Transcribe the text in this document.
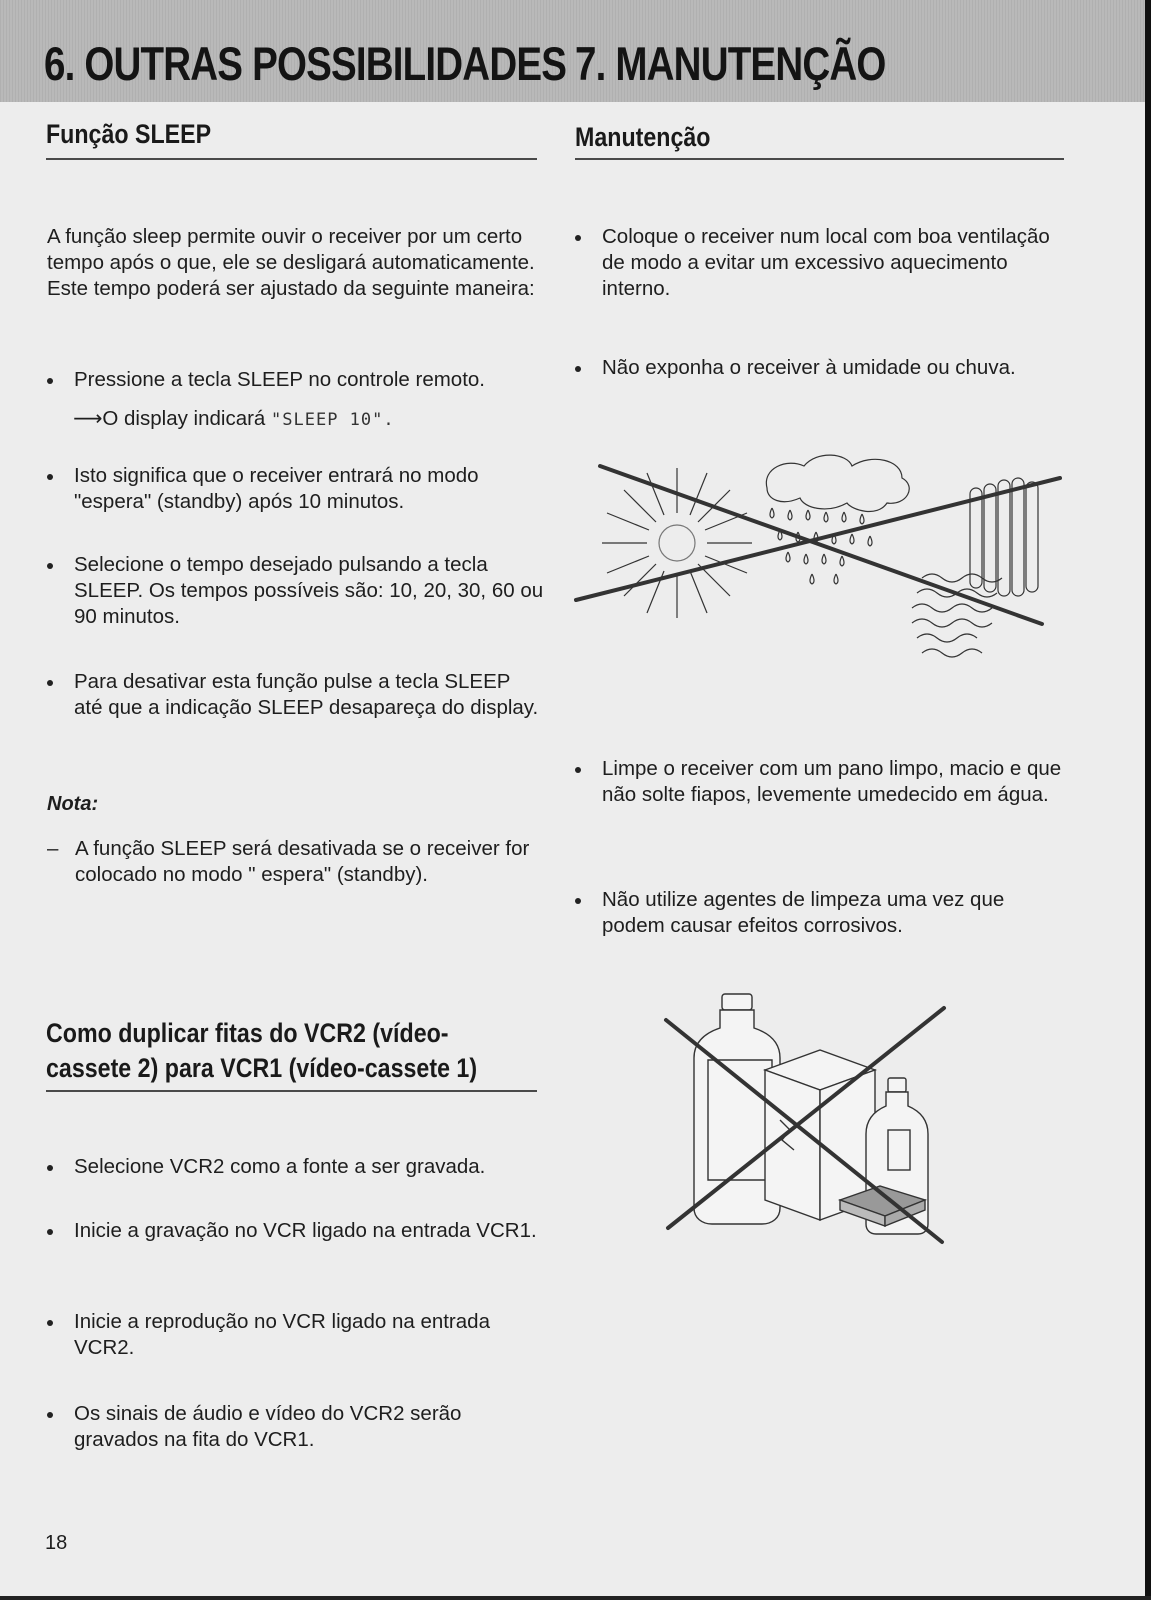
6. OUTRAS POSSIBILIDADES 7. MANUTENÇÃO
Função SLEEP

A função sleep permite ouvir o receiver por um certo tempo após o que, ele se desligará automaticamente. Este tempo poderá ser ajustado da seguinte maneira:

Pressione a tecla SLEEP no controle remoto.

⟶O display indicará "SLEEP 10".

Isto significa que o receiver entrará no modo "espera" (standby) após 10 minutos.

Selecione o tempo desejado pulsando a tecla SLEEP. Os tempos possíveis são: 10, 20, 30, 60 ou 90 minutos.

Para desativar esta função pulse a tecla SLEEP até que a indicação SLEEP desapareça do display.

Nota:

– A função SLEEP será desativada se o receiver for colocado no modo " espera" (standby).

Como duplicar fitas do VCR2 (vídeo-
cassete 2) para VCR1 (vídeo-cassete 1)

Selecione VCR2 como a fonte a ser gravada.

Inicie a gravação no VCR ligado na entrada VCR1.

Inicie a reprodução no VCR ligado na entrada VCR2.

Os sinais de áudio e vídeo do VCR2 serão gravados na fita do VCR1.

18
Manutenção

Coloque o receiver num local com boa ventilação de modo a evitar um excessivo aquecimento interno.

Não exponha o receiver à umidade ou chuva.

Limpe o receiver com um pano limpo, macio e que não solte fiapos, levemente umedecido em água.

Não utilize agentes de limpeza uma vez que podem causar efeitos corrosivos.
